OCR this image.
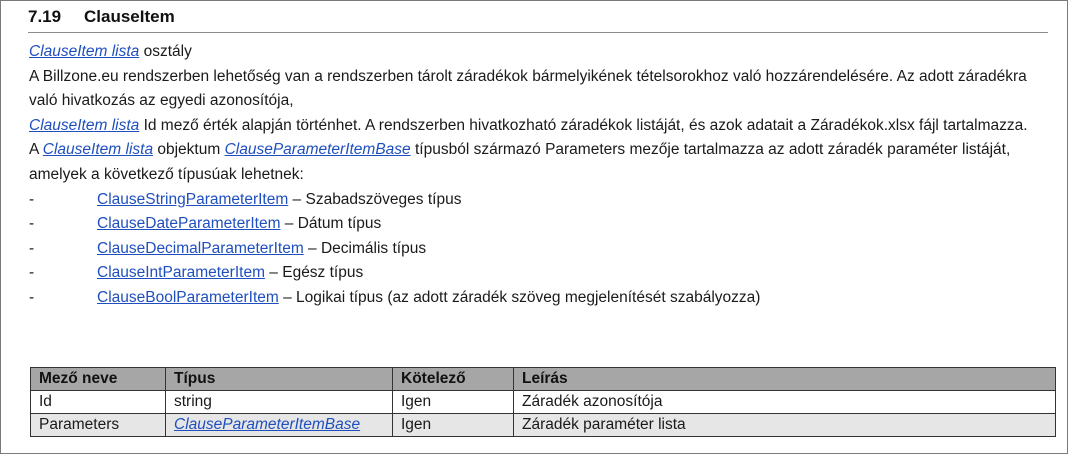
7.19 ClauseItem

ClauseItem lista osztály

A Billzone.eu rendszerben lehetőség van a rendszerben tárolt záradékok bármelyikének tételsorokhoz való hozzárendelésére. Az adott záradékra való hivatkozás az egyedi azonosítója,

ClauseItem lista Id mező érték alapján történhet. A rendszerben hivatkozható záradékok listáját, és azok adatait a Záradékok.xlsx fájl tartalmazza.

A ClauseItem lista objektum ClauseParameterItemBase típusból származó Parameters mezője tartalmazza az adott záradék paraméter listáját, amelyek a következő típusúak lehetnek:

-	ClauseStringParameterItem – Szabadszöveges típus
-	ClauseDateParameterItem – Dátum típus
-	ClauseDecimalParameterItem – Decimális típus
-	ClauseIntParameterItem – Egész típus
-	ClauseBoolParameterItem – Logikai típus (az adott záradék szöveg megjelenítését szabályozza)
Mező neve	Típus	Kötelező	Leírás
Id	string	Igen	Záradék azonosítója
Parameters	ClauseParameterItemBase	Igen	Záradék paraméter lista
